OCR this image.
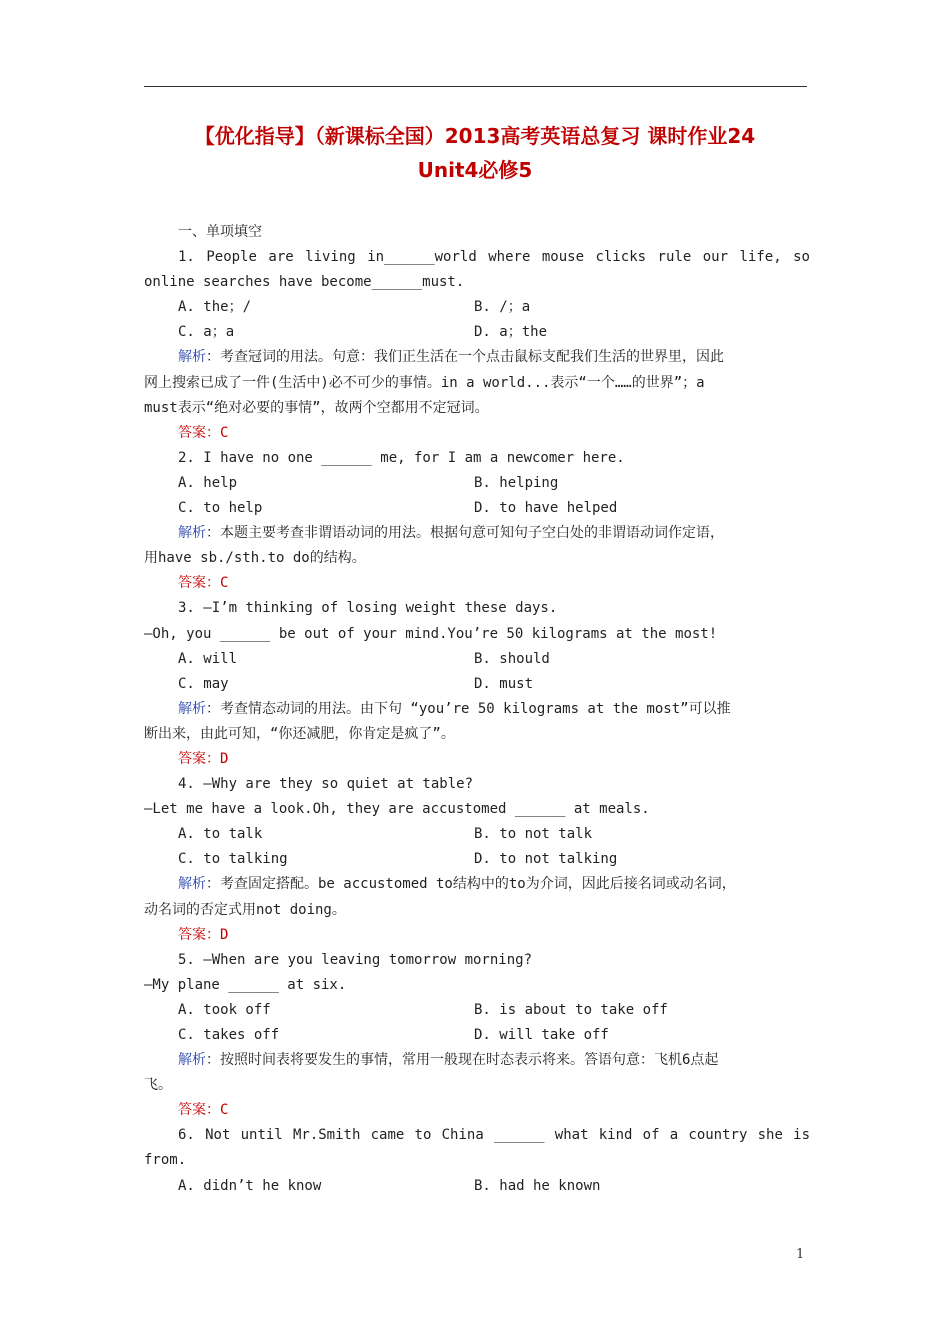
【优化指导】（新课标全国）2013高考英语总复习 课时作业24
Unit4必修5
一、单项填空
1. People are living in______world where mouse clicks rule our life, so
online searches have become______must.
A. the；/	B. /；a
C. a；a	D. a；the
解析：考查冠词的用法。句意：我们正生活在一个点击鼠标支配我们生活的世界里，因此
网上搜索已成了一件(生活中)必不可少的事情。in a world...表示“一个……的世界”；a
must表示“绝对必要的事情”，故两个空都用不定冠词。
答案：C
2. I have no one ______ me, for I am a newcomer here.
A. help	B. helping
C. to help	D. to have helped
解析：本题主要考查非谓语动词的用法。根据句意可知句子空白处的非谓语动词作定语，
用have sb./sth.to do的结构。
答案：C
3. —I’m thinking of losing weight these days.
—Oh, you ______ be out of your mind.You’re 50 kilograms at the most!
A. will	B. should
C. may	D. must
解析：考查情态动词的用法。由下句 “you’re 50 kilograms at the most”可以推
断出来，由此可知，“你还减肥，你肯定是疯了”。
答案：D
4. —Why are they so quiet at table?
—Let me have a look.Oh, they are accustomed ______ at meals.
A. to talk	B. to not talk
C. to talking	D. to not talking
解析：考查固定搭配。be accustomed to结构中的to为介词，因此后接名词或动名词，
动名词的否定式用not doing。
答案：D
5. —When are you leaving tomorrow morning?
—My plane ______ at six.
A. took off	B. is about to take off
C. takes off	D. will take off
解析：按照时间表将要发生的事情，常用一般现在时态表示将来。答语句意：飞机6点起
飞。
答案：C
6. Not until Mr.Smith came to China ______ what kind of a country she is
from.
A. didn’t he know	B. had he known
1
